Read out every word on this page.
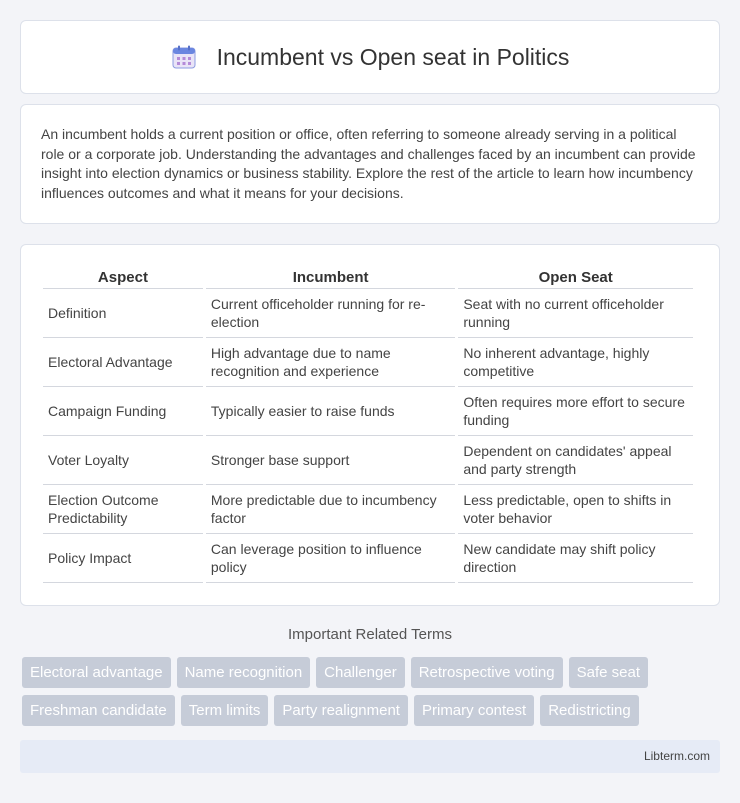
Incumbent vs Open seat in Politics

An incumbent holds a current position or office, often referring to someone already serving in a political role or a corporate job. Understanding the advantages and challenges faced by an incumbent can provide insight into election dynamics or business stability. Explore the rest of the article to learn how incumbency influences outcomes and what it means for your decisions.

Aspect	Incumbent	Open Seat
Definition	Current officeholder running for re-election	Seat with no current officeholder running
Electoral Advantage	High advantage due to name recognition and experience	No inherent advantage, highly competitive
Campaign Funding	Typically easier to raise funds	Often requires more effort to secure funding
Voter Loyalty	Stronger base support	Dependent on candidates' appeal and party strength
Election Outcome Predictability	More predictable due to incumbency factor	Less predictable, open to shifts in voter behavior
Policy Impact	Can leverage position to influence policy	New candidate may shift policy direction
Important Related Terms
Electoral advantage	Name recognition	Challenger	Retrospective voting	Safe seat
Freshman candidate	Term limits	Party realignment	Primary contest	Redistricting
Libterm.com
